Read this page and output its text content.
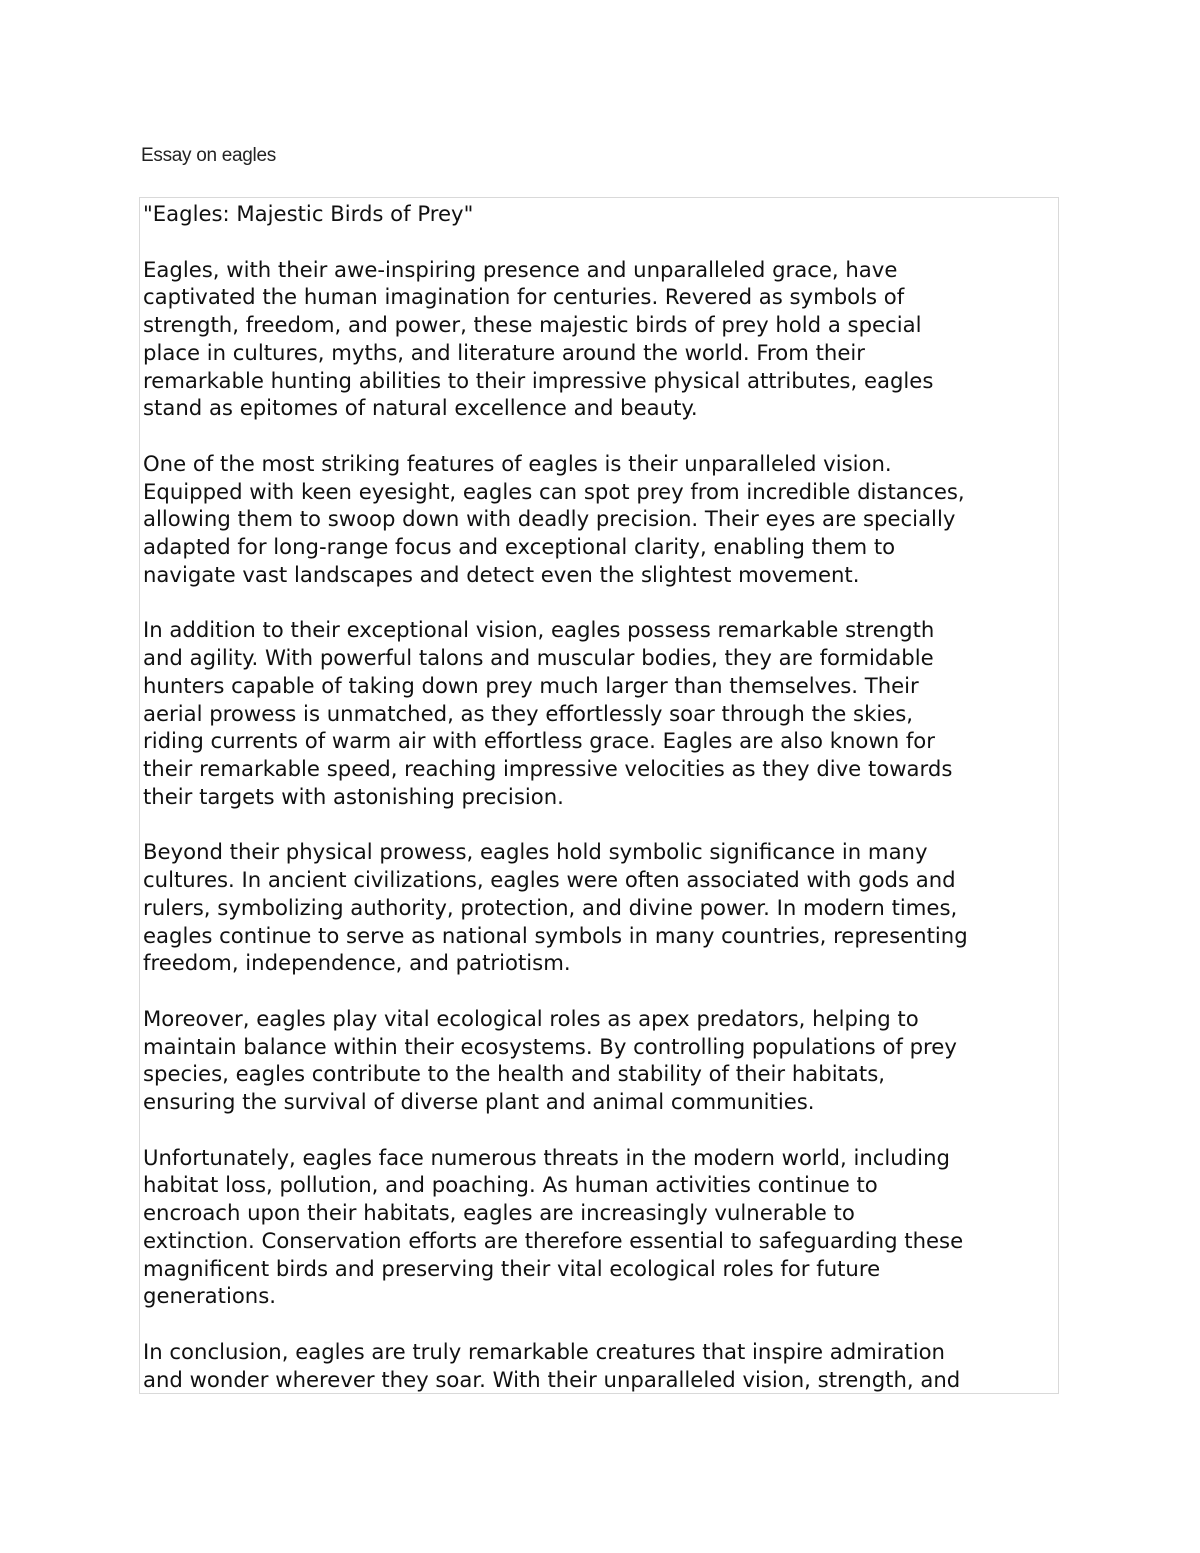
Essay on eagles

"Eagles: Majestic Birds of Prey"

Eagles, with their awe-inspiring presence and unparalleled grace, have
captivated the human imagination for centuries. Revered as symbols of
strength, freedom, and power, these majestic birds of prey hold a special
place in cultures, myths, and literature around the world. From their
remarkable hunting abilities to their impressive physical attributes, eagles
stand as epitomes of natural excellence and beauty.

One of the most striking features of eagles is their unparalleled vision.
Equipped with keen eyesight, eagles can spot prey from incredible distances,
allowing them to swoop down with deadly precision. Their eyes are specially
adapted for long-range focus and exceptional clarity, enabling them to
navigate vast landscapes and detect even the slightest movement.

In addition to their exceptional vision, eagles possess remarkable strength
and agility. With powerful talons and muscular bodies, they are formidable
hunters capable of taking down prey much larger than themselves. Their
aerial prowess is unmatched, as they effortlessly soar through the skies,
riding currents of warm air with effortless grace. Eagles are also known for
their remarkable speed, reaching impressive velocities as they dive towards
their targets with astonishing precision.

Beyond their physical prowess, eagles hold symbolic significance in many
cultures. In ancient civilizations, eagles were often associated with gods and
rulers, symbolizing authority, protection, and divine power. In modern times,
eagles continue to serve as national symbols in many countries, representing
freedom, independence, and patriotism.

Moreover, eagles play vital ecological roles as apex predators, helping to
maintain balance within their ecosystems. By controlling populations of prey
species, eagles contribute to the health and stability of their habitats,
ensuring the survival of diverse plant and animal communities.

Unfortunately, eagles face numerous threats in the modern world, including
habitat loss, pollution, and poaching. As human activities continue to
encroach upon their habitats, eagles are increasingly vulnerable to
extinction. Conservation efforts are therefore essential to safeguarding these
magnificent birds and preserving their vital ecological roles for future
generations.

In conclusion, eagles are truly remarkable creatures that inspire admiration
and wonder wherever they soar. With their unparalleled vision, strength, and
